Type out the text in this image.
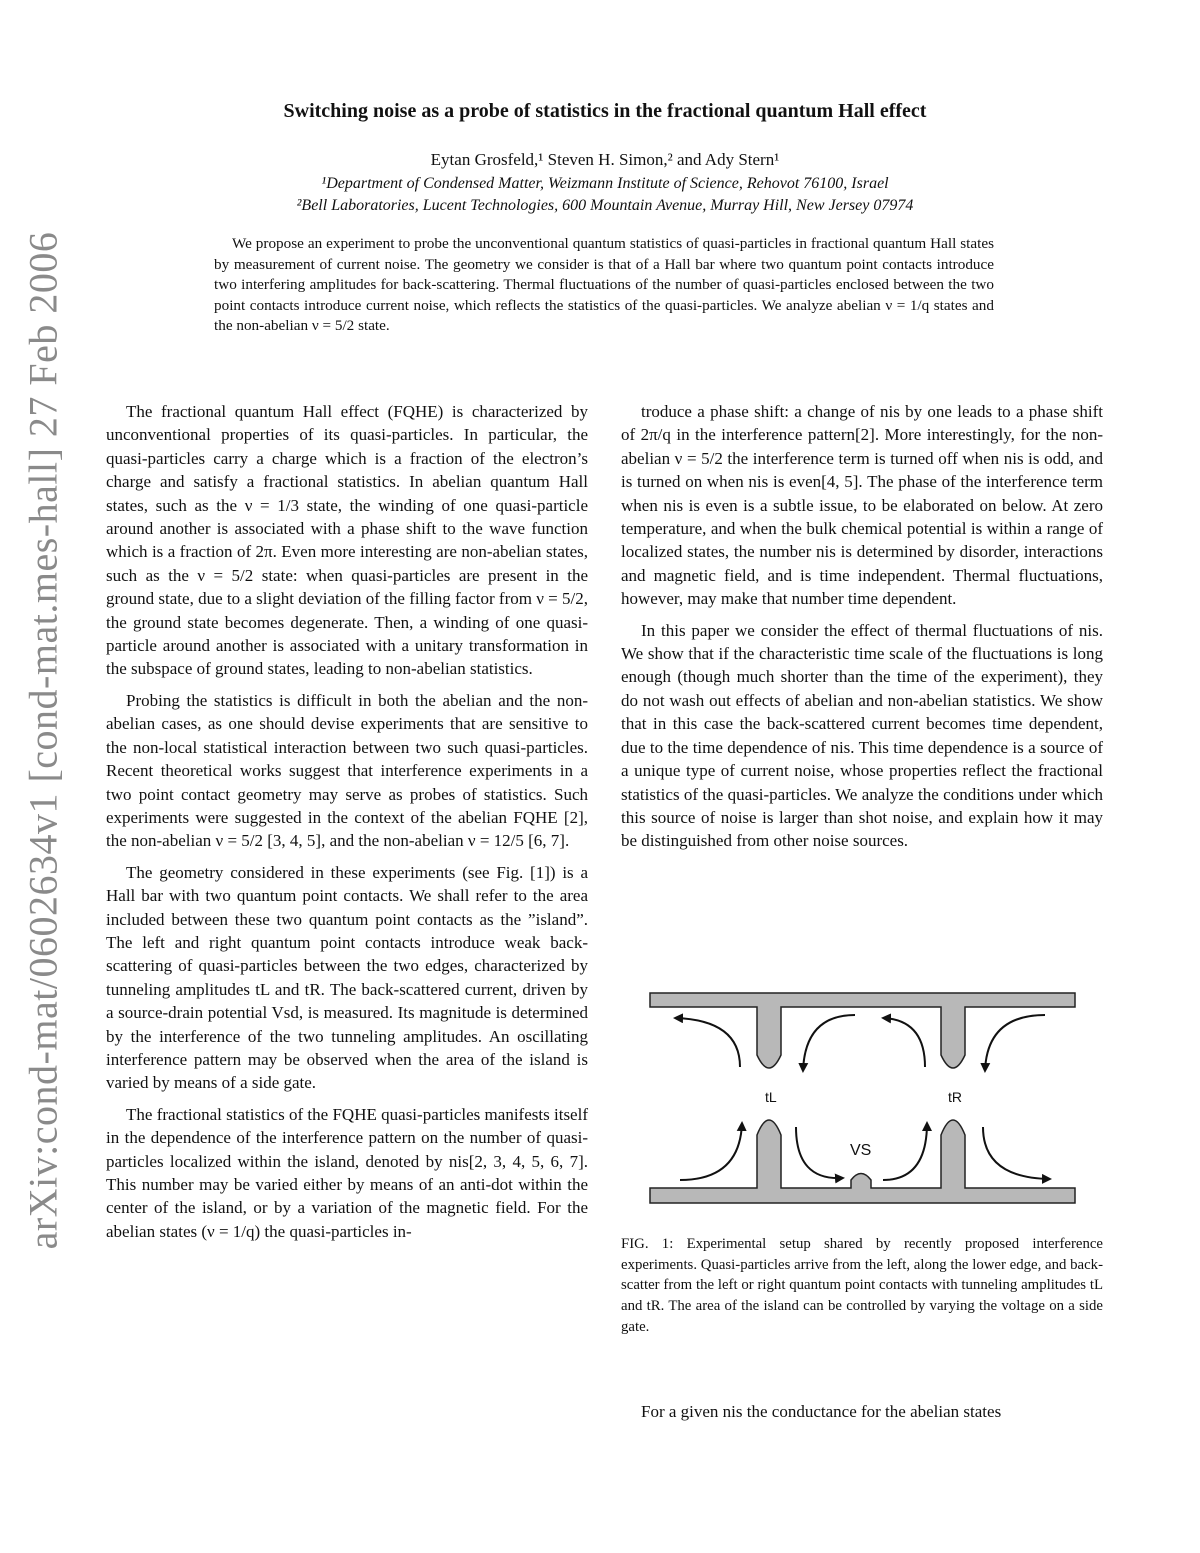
arXiv:cond-mat/0602634v1 [cond-mat.mes-hall] 27 Feb 2006
Switching noise as a probe of statistics in the fractional quantum Hall effect
Eytan Grosfeld,¹ Steven H. Simon,² and Ady Stern¹
¹Department of Condensed Matter, Weizmann Institute of Science, Rehovot 76100, Israel
²Bell Laboratories, Lucent Technologies, 600 Mountain Avenue, Murray Hill, New Jersey 07974
We propose an experiment to probe the unconventional quantum statistics of quasi-particles in fractional quantum Hall states by measurement of current noise. The geometry we consider is that of a Hall bar where two quantum point contacts introduce two interfering amplitudes for back-scattering. Thermal fluctuations of the number of quasi-particles enclosed between the two point contacts introduce current noise, which reflects the statistics of the quasi-particles. We analyze abelian ν = 1/q states and the non-abelian ν = 5/2 state.

The fractional quantum Hall effect (FQHE) is characterized by unconventional properties of its quasi-particles. In particular, the quasi-particles carry a charge which is a fraction of the electron’s charge and satisfy a fractional statistics. In abelian quantum Hall states, such as the ν = 1/3 state, the winding of one quasi-particle around another is associated with a phase shift to the wave function which is a fraction of 2π. Even more interesting are non-abelian states, such as the ν = 5/2 state: when quasi-particles are present in the ground state, due to a slight deviation of the filling factor from ν = 5/2, the ground state becomes degenerate. Then, a winding of one quasi-particle around another is associated with a unitary transformation in the subspace of ground states, leading to non-abelian statistics.

Probing the statistics is difficult in both the abelian and the non-abelian cases, as one should devise experiments that are sensitive to the non-local statistical interaction between two such quasi-particles. Recent theoretical works suggest that interference experiments in a two point contact geometry may serve as probes of statistics. Such experiments were suggested in the context of the abelian FQHE [2], the non-abelian ν = 5/2 [3, 4, 5], and the non-abelian ν = 12/5 [6, 7].

The geometry considered in these experiments (see Fig. [1]) is a Hall bar with two quantum point contacts. We shall refer to the area included between these two quantum point contacts as the ”island”. The left and right quantum point contacts introduce weak back-scattering of quasi-particles between the two edges, characterized by tunneling amplitudes tL and tR. The back-scattered current, driven by a source-drain potential Vsd, is measured. Its magnitude is determined by the interference of the two tunneling amplitudes. An oscillating interference pattern may be observed when the area of the island is varied by means of a side gate.

The fractional statistics of the FQHE quasi-particles manifests itself in the dependence of the interference pattern on the number of quasi-particles localized within the island, denoted by nis[2, 3, 4, 5, 6, 7]. This number may be varied either by means of an anti-dot within the center of the island, or by a variation of the magnetic field. For the abelian states (ν = 1/q) the quasi-particles in-

troduce a phase shift: a change of nis by one leads to a phase shift of 2π/q in the interference pattern[2]. More interestingly, for the non-abelian ν = 5/2 the interference term is turned off when nis is odd, and is turned on when nis is even[4, 5]. The phase of the interference term when nis is even is a subtle issue, to be elaborated on below. At zero temperature, and when the bulk chemical potential is within a range of localized states, the number nis is determined by disorder, interactions and magnetic field, and is time independent. Thermal fluctuations, however, may make that number time dependent.

In this paper we consider the effect of thermal fluctuations of nis. We show that if the characteristic time scale of the fluctuations is long enough (though much shorter than the time of the experiment), they do not wash out effects of abelian and non-abelian statistics. We show that in this case the back-scattered current becomes time dependent, due to the time dependence of nis. This time dependence is a source of a unique type of current noise, whose properties reflect the fractional statistics of the quasi-particles. We analyze the conditions under which this source of noise is larger than shot noise, and explain how it may be distinguished from other noise sources.

tL	tR
VS
FIG. 1: Experimental setup shared by recently proposed interference experiments. Quasi-particles arrive from the left, along the lower edge, and back-scatter from the left or right quantum point contacts with tunneling amplitudes tL and tR. The area of the island can be controlled by varying the voltage on a side gate.
For a given nis the conductance for the abelian states
